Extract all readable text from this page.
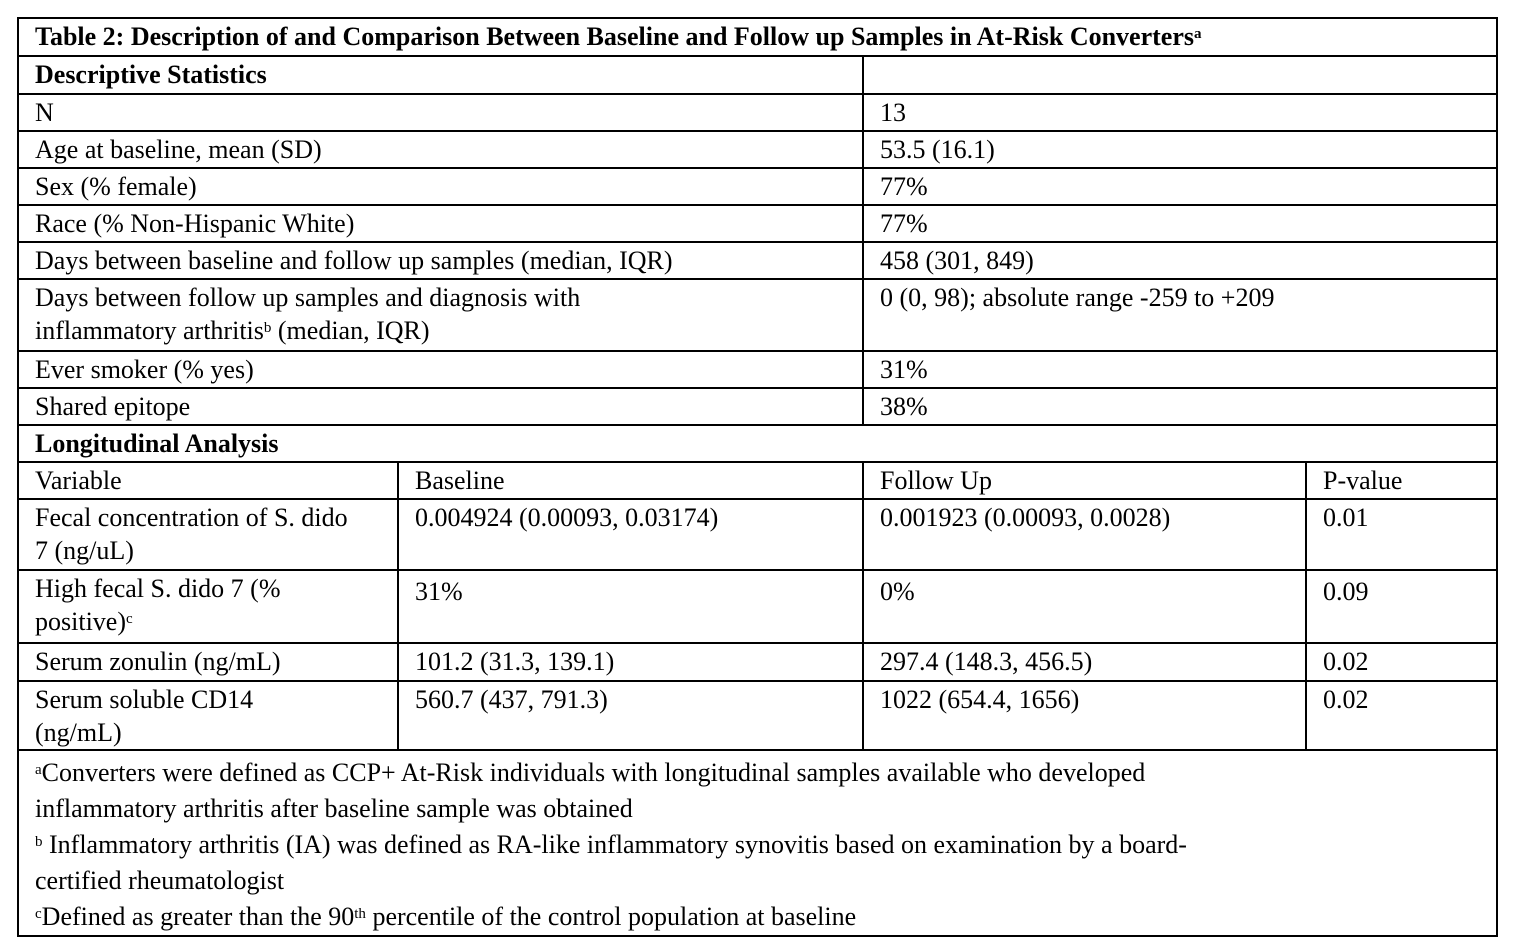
Table 2: Description of and Comparison Between Baseline and Follow up Samples in At-Risk Converters$^a$
Descriptive Statistics			
N		13	
Age at baseline, mean (SD)		53.5 (16.1)	
Sex (% female)		77%	
Race (% Non-Hispanic White)		77%	
Days between baseline and follow up samples (median, IQR)		458 (301, 849)	
Days between follow up samples and diagnosis with inflammatory arthritis$^b$ (median, IQR)		0 (0, 98); absolute range -259 to +209	
Ever smoker (% yes)		31%	
Shared epitope		38%	
Longitudinal Analysis			
Variable	Baseline	Follow Up	P-value
Fecal concentration of S. dido 7 (ng/uL)	0.004924 (0.00093, 0.03174)	0.001923 (0.00093, 0.0028)	0.01
High fecal S. dido 7 (% positive)$^c$	31%	0%	0.09
Serum zonulin (ng/mL)	101.2 (31.3, 139.1)	297.4 (148.3, 456.5)	0.02
Serum soluble CD14 (ng/mL)	560.7 (437, 791.3)	1022 (654.4, 1656)	0.02

$^a$Converters were defined as CCP+ At-Risk individuals with longitudinal samples available who developed
inflammatory arthritis after baseline sample was obtained
$^b$ Inflammatory arthritis (IA) was defined as RA-like inflammatory synovitis based on examination by a board-
certified rheumatologist
$^c$Defined as greater than the 90th percentile of the control population at baseline			
